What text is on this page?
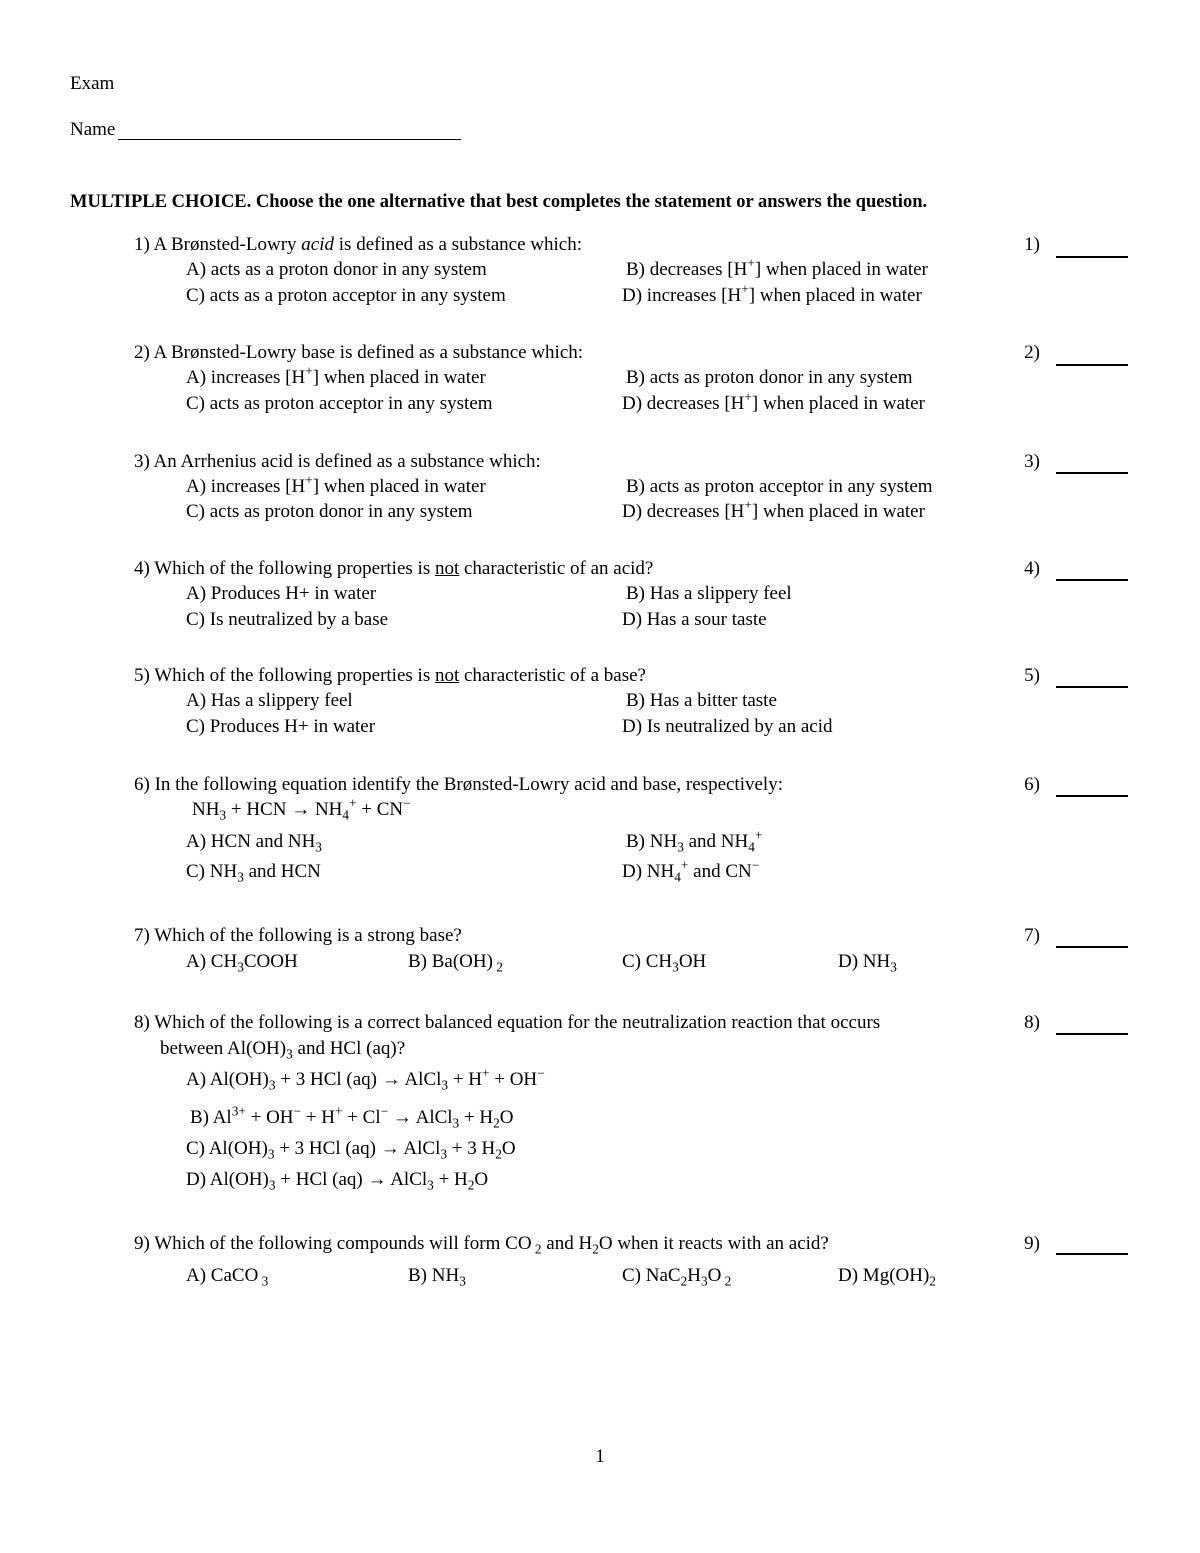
Exam
Name
MULTIPLE CHOICE. Choose the one alternative that best completes the statement or answers the question.
1) A Brønsted-Lowry acid is defined as a substance which:
A) acts as a proton donor in any system	B) decreases [H+] when placed in water
C) acts as a proton acceptor in any system	D) increases [H+] when placed in water
1)
2) A Brønsted-Lowry base is defined as a substance which:
A) increases [H+] when placed in water	B) acts as proton donor in any system
C) acts as proton acceptor in any system	D) decreases [H+] when placed in water
2)
3) An Arrhenius acid is defined as a substance which:
A) increases [H+] when placed in water	B) acts as proton acceptor in any system
C) acts as proton donor in any system	D) decreases [H+] when placed in water
3)
4) Which of the following properties is not characteristic of an acid?
A) Produces H+ in water	B) Has a slippery feel
C) Is neutralized by a base	D) Has a sour taste
4)
5) Which of the following properties is not characteristic of a base?
A) Has a slippery feel	B) Has a bitter taste
C) Produces H+ in water	D) Is neutralized by an acid
5)
6) In the following equation identify the Brønsted-Lowry acid and base, respectively:
$NH_3$ + HCN → $NH_4^+ + CN^-$
A) HCN and $NH_3$	B) $NH_3$ and $NH_4^+$
C) $NH_3$ and HCN	D) $NH_4^+$ and CN−
6)
7) Which of the following is a strong base?
A) $CH_3COOH$	B) Ba(OH) $_2$	C) $CH_3OH$	D) $NH_3$
7)
8) Which of the following is a correct balanced equation for the neutralization reaction that occurs
between $Al(OH)_3$ and HCl (aq)?
A) $Al(OH)_3 + 3$ HCl (aq) → AlCl$_3$ + H+ + OH−
B) $Al^{3+} + OH^- + H^+ + Cl^-$ → AlCl$_3$ + $H_2O$
C) $Al(OH)_3 + 3$ HCl (aq) → AlCl$_3$ + 3 $H_2O$
D) $Al(OH)_3$ + HCl (aq) → AlCl$_3$ + $H_2O$
8)
9) Which of the following compounds will form CO $_2$ and $H_2O$ when it reacts with an acid?
A) CaCO $_3$	B) $NH_3$	C) $NaC_2H_3O$ $_2$	D) $Mg(OH)_2$
9)
1
